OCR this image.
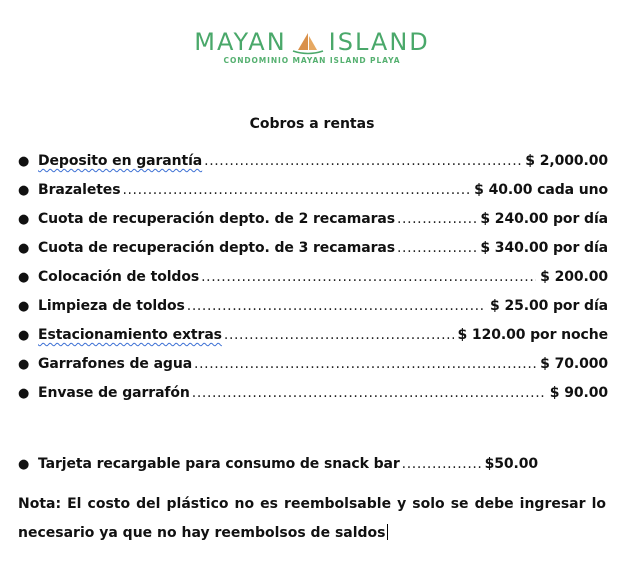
MAYAN ISLAND
CONDOMINIO MAYAN ISLAND PLAYA
Cobros a rentas
● Deposito en garantía .....	$ 2,000.00
● Brazaletes .....	$ 40.00 cada uno
● Cuota de recuperación depto. de 2 recamaras .....	$ 240.00 por día
● Cuota de recuperación depto. de 3 recamaras .....	$ 340.00 por día
● Colocación de toldos .....	$ 200.00
● Limpieza de toldos .....	$ 25.00 por día
● Estacionamiento extras .....	$ 120.00 por noche
● Garrafones de agua .....	$ 70.000
● Envase de garrafón .....	$ 90.00
● Tarjeta recargable para consumo de snack bar .....	$50.00
Nota: El costo del plástico no es reembolsable y solo se debe ingresar lo necesario ya que no hay reembolsos de saldos
